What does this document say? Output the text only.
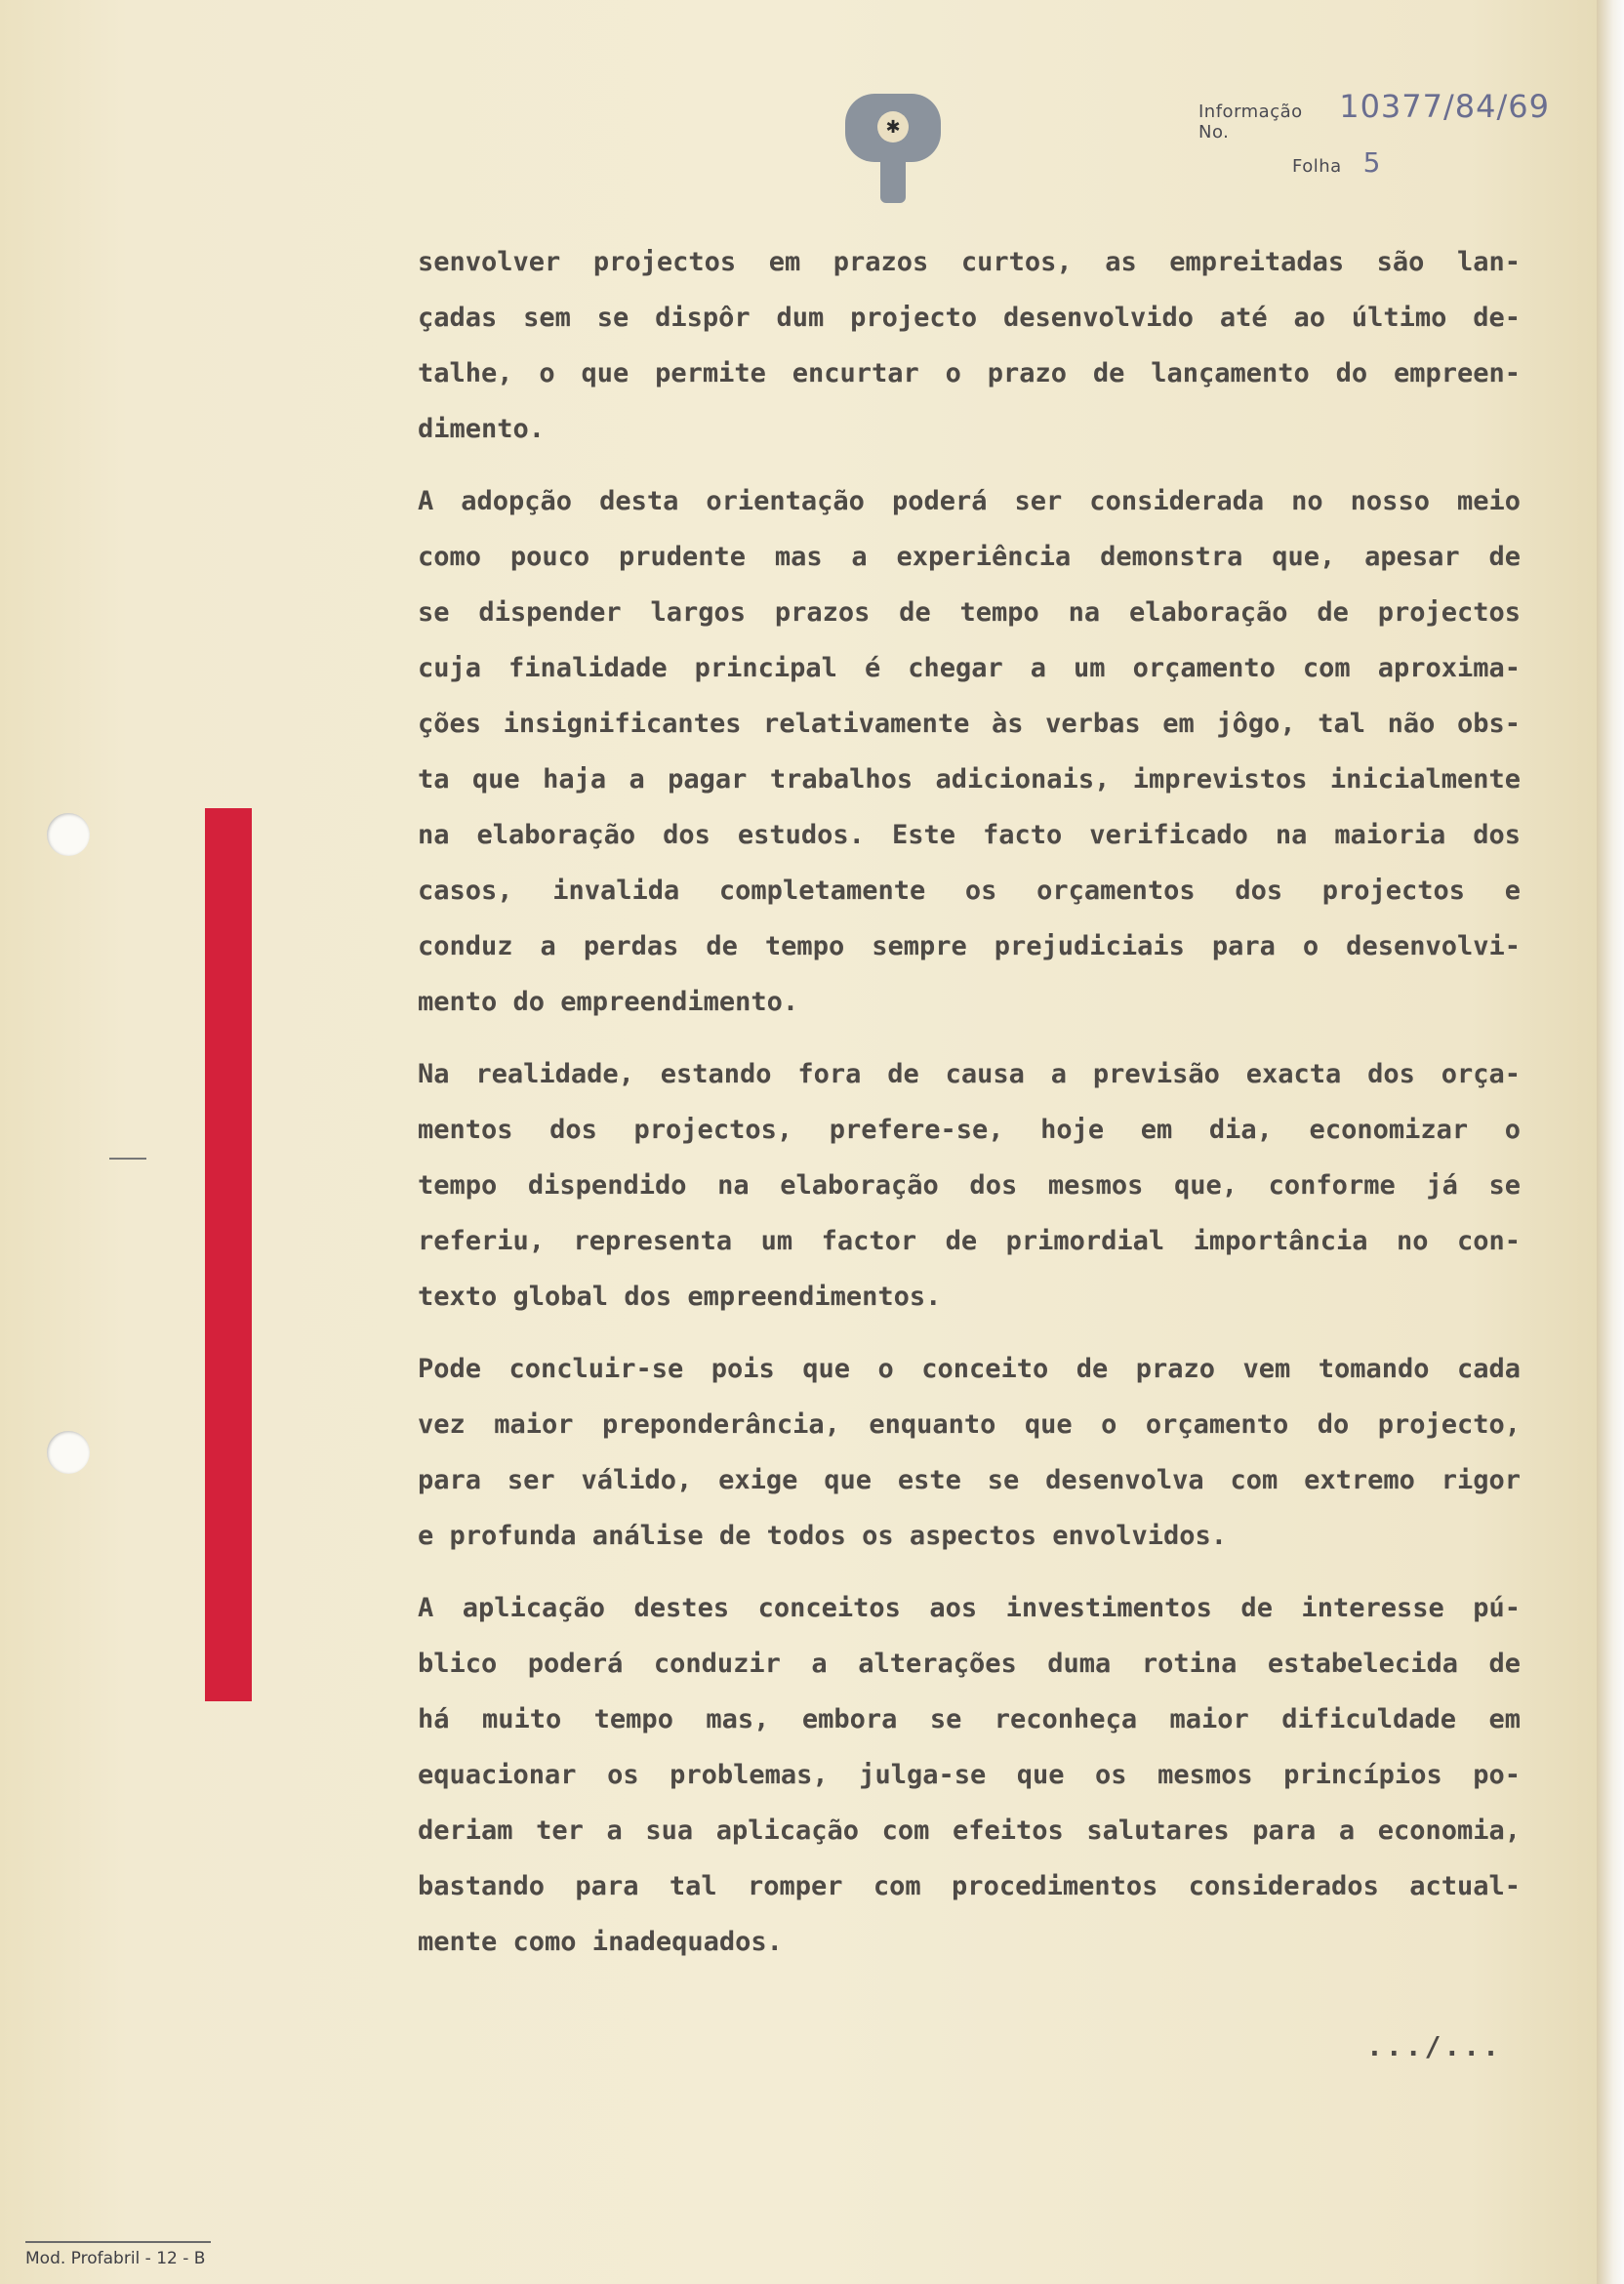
✱
Informação No.
10377/84/69
Folha 5
senvolver projectos em prazos curtos, as empreitadas são lan-
çadas sem se dispôr dum projecto desenvolvido até ao último de-
talhe, o que permite encurtar o prazo de lançamento do empreen-
dimento.
A adopção desta orientação poderá ser considerada no nosso meio
como pouco prudente mas a experiência demonstra que, apesar de
se dispender largos prazos de tempo na elaboração de projectos
cuja finalidade principal é chegar a um orçamento com aproxima-
ções insignificantes relativamente às verbas em jôgo, tal não obs-
ta que haja a pagar trabalhos adicionais, imprevistos inicialmente
na elaboração dos estudos. Este facto verificado na maioria dos
casos, invalida completamente os orçamentos dos projectos e
conduz a perdas de tempo sempre prejudiciais para o desenvolvi-
mento do empreendimento.
Na realidade, estando fora de causa a previsão exacta dos orça-
mentos dos projectos, prefere-se, hoje em dia, economizar o
tempo dispendido na elaboração dos mesmos que, conforme já se
referiu, representa um factor de primordial importância no con-
texto global dos empreendimentos.
Pode concluir-se pois que o conceito de prazo vem tomando cada
vez maior preponderância, enquanto que o orçamento do projecto,
para ser válido, exige que este se desenvolva com extremo rigor
e profunda análise de todos os aspectos envolvidos.
A aplicação destes conceitos aos investimentos de interesse pú-
blico poderá conduzir a alterações duma rotina estabelecida de
há muito tempo mas, embora se reconheça maior dificuldade em
equacionar os problemas, julga-se que os mesmos princípios po-
deriam ter a sua aplicação com efeitos salutares para a economia,
bastando para tal romper com procedimentos considerados actual-
mente como inadequados.
.../...
Mod. Profabril - 12 - B
